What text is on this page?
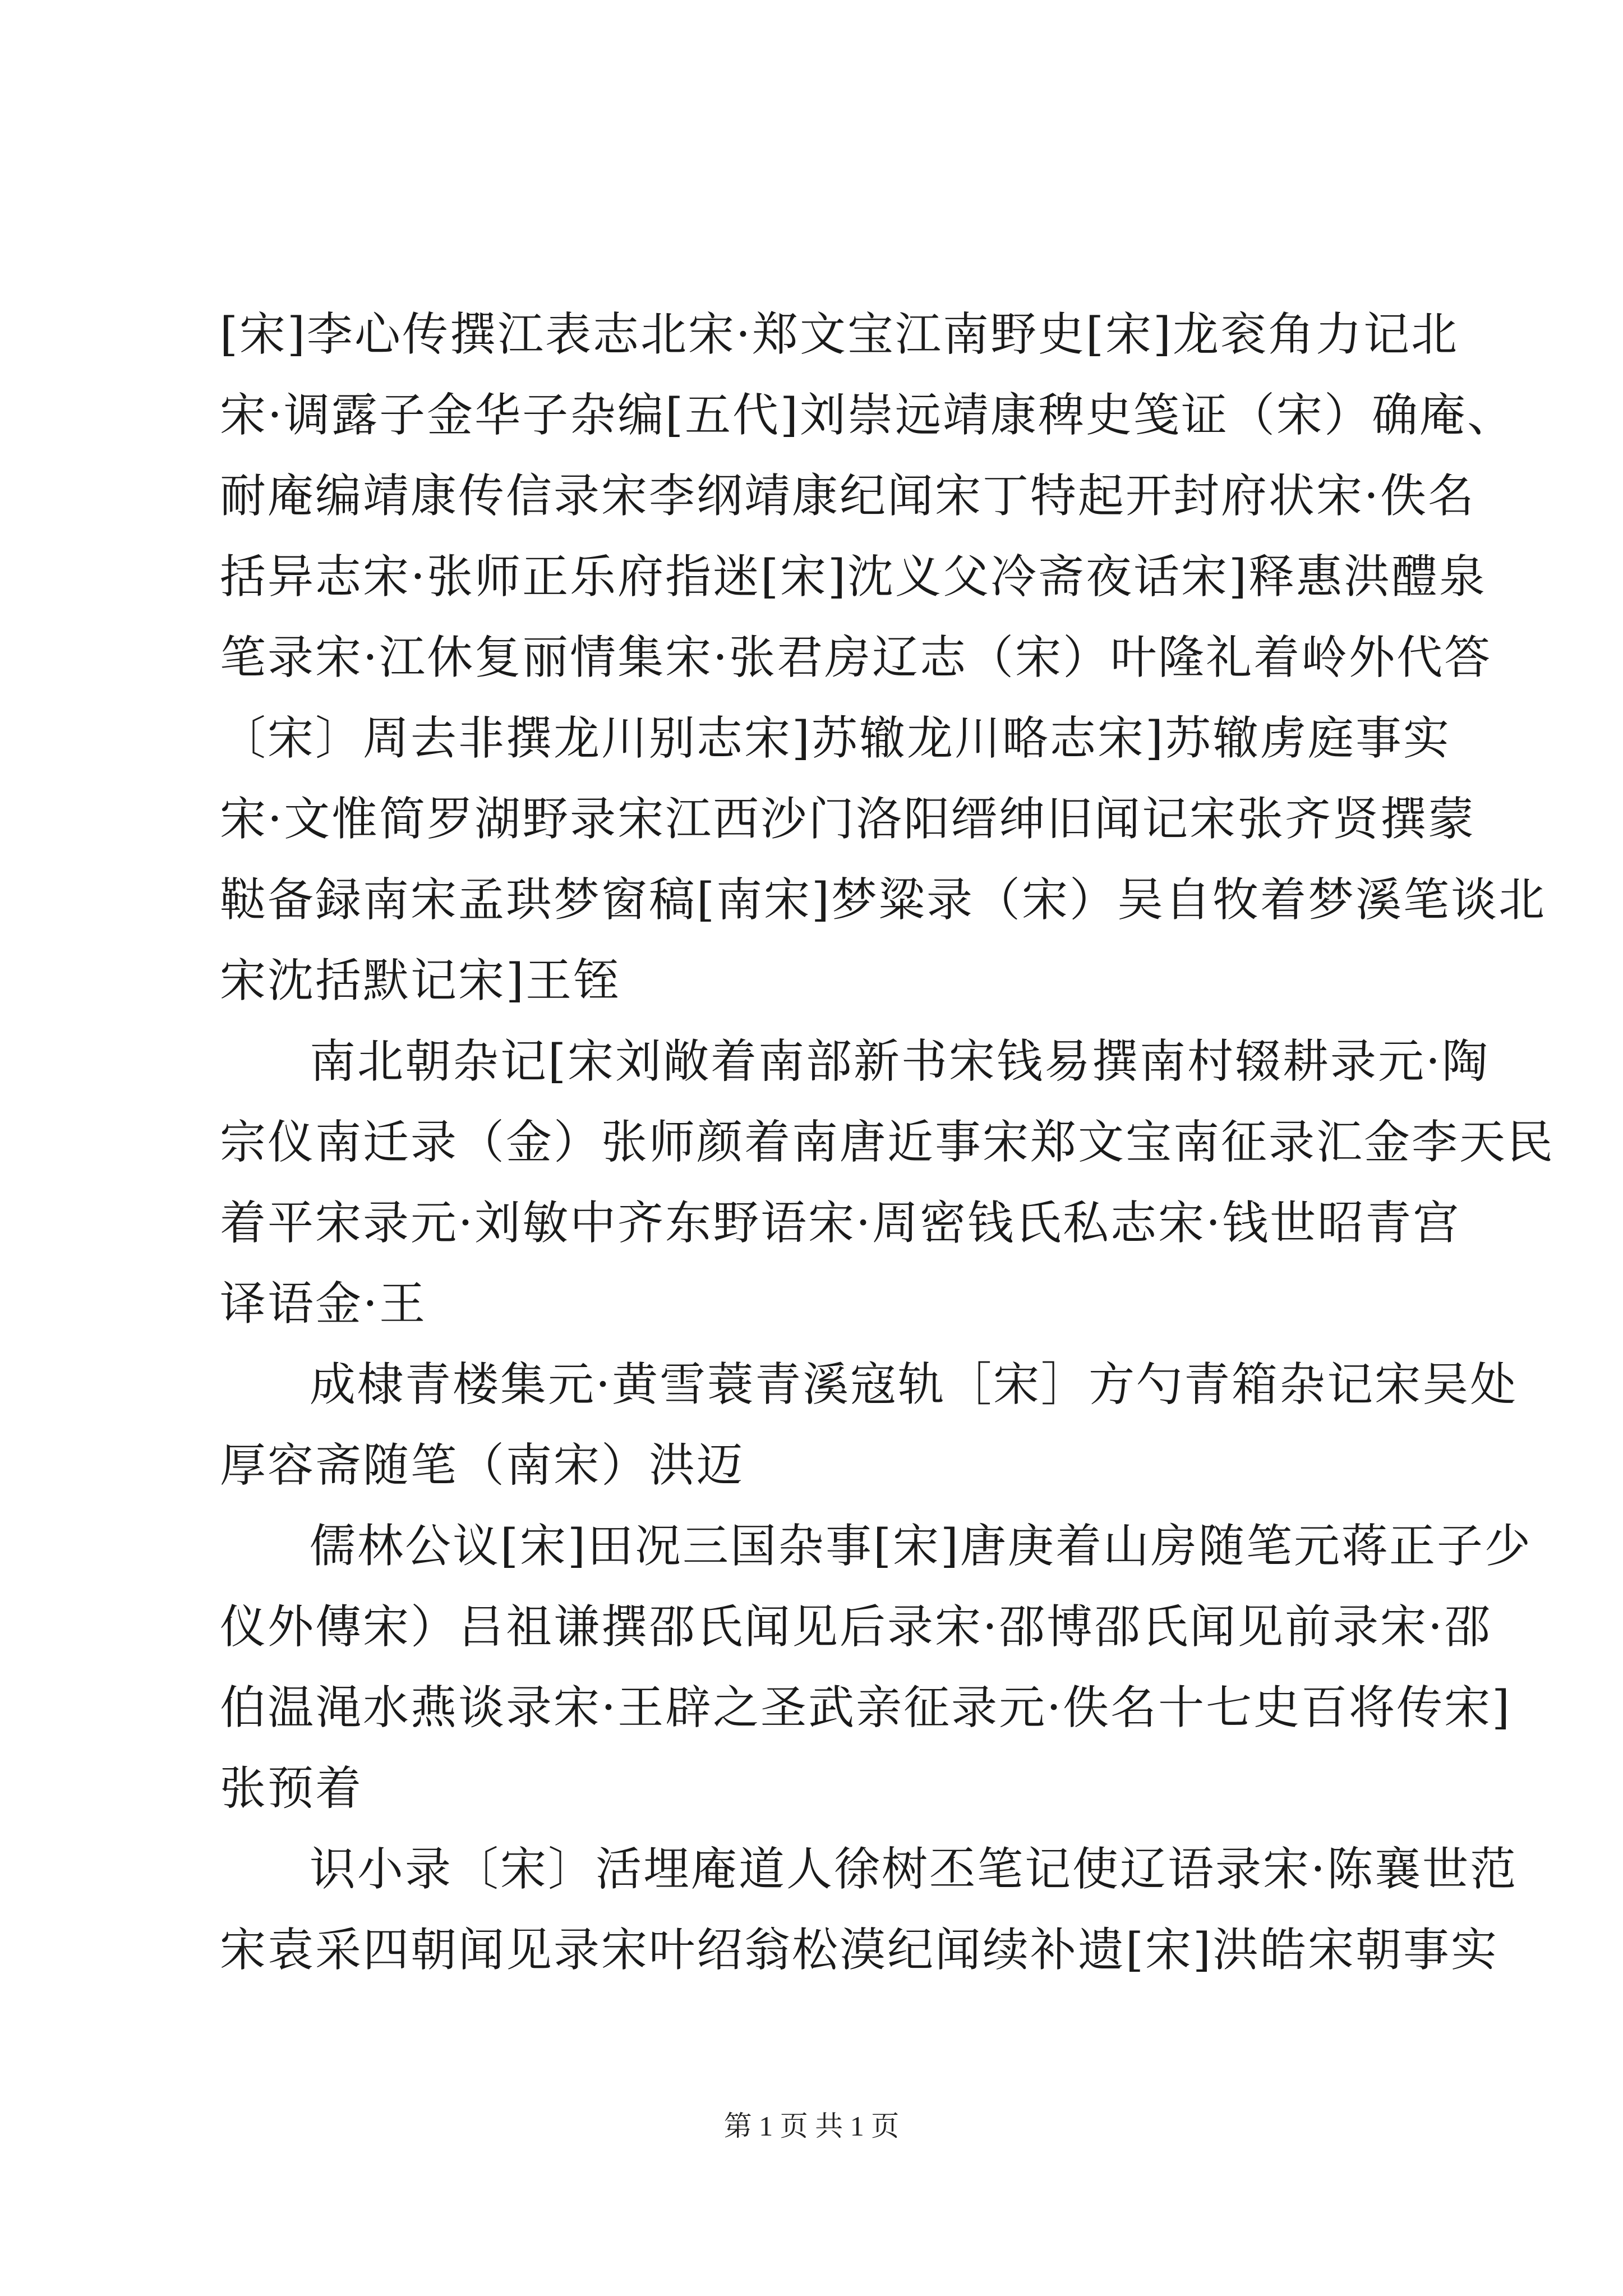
[宋]李心传撰江表志北宋·郑文宝江南野史[宋]龙衮角力记北
宋·调露子金华子杂编[五代]刘崇远靖康稗史笺证（宋）确庵、
耐庵编靖康传信录宋李纲靖康纪闻宋丁特起开封府状宋·佚名
括异志宋·张师正乐府指迷[宋]沈义父冷斋夜话宋]释惠洪醴泉
笔录宋·江休复丽情集宋·张君房辽志（宋）叶隆礼着岭外代答
〔宋〕周去非撰龙川别志宋]苏辙龙川略志宋]苏辙虏庭事实
宋·文惟简罗湖野录宋江西沙门洛阳缙绅旧闻记宋张齐贤撰蒙
鞑备録南宋孟珙梦窗稿[南宋]梦粱录（宋）吴自牧着梦溪笔谈北
宋沈括默记宋]王铚
南北朝杂记[宋刘敞着南部新书宋钱易撰南村辍耕录元·陶
宗仪南迁录（金）张师颜着南唐近事宋郑文宝南征录汇金李天民
着平宋录元·刘敏中齐东野语宋·周密钱氏私志宋·钱世昭青宫
译语金·王
成棣青楼集元·黄雪蓑青溪寇轨［宋］方勺青箱杂记宋吴处
厚容斋随笔（南宋）洪迈
儒林公议[宋]田况三国杂事[宋]唐庚着山房随笔元蒋正子少
仪外傳宋）吕祖谦撰邵氏闻见后录宋·邵博邵氏闻见前录宋·邵
伯温渑水燕谈录宋·王辟之圣武亲征录元·佚名十七史百将传宋]
张预着
识小录〔宋〕活埋庵道人徐树丕笔记使辽语录宋·陈襄世范
宋袁采四朝闻见录宋叶绍翁松漠纪闻续补遗[宋]洪皓宋朝事实
第 1 页 共 1 页
